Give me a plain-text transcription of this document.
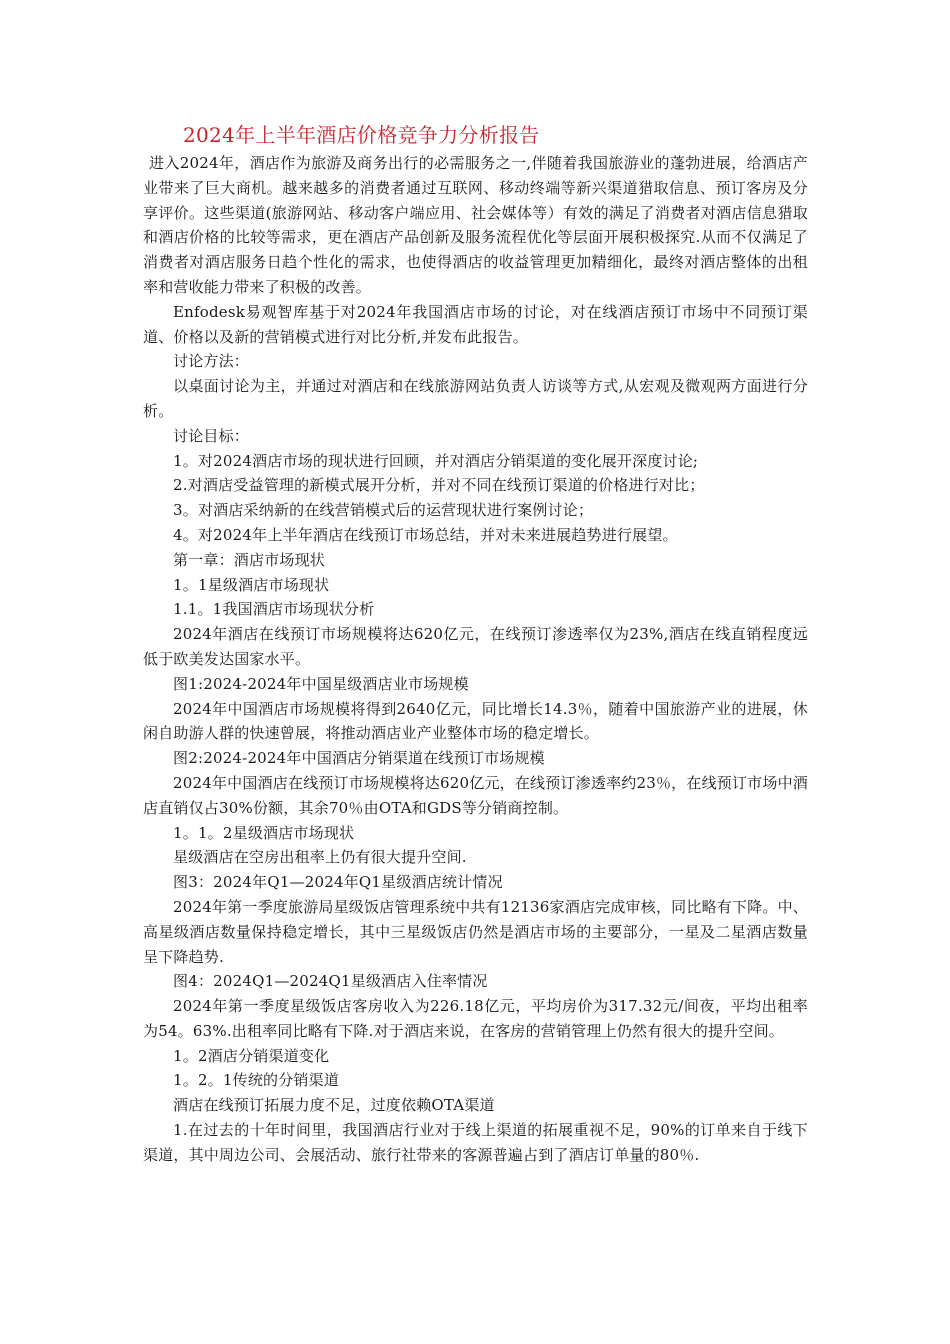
2024年上半年酒店价格竞争力分析报告

进入2024年，酒店作为旅游及商务出行的必需服务之一,伴随着我国旅游业的蓬勃进展，给酒店产业带来了巨大商机。越来越多的消费者通过互联网、移动终端等新兴渠道猎取信息、预订客房及分享评价。这些渠道(旅游网站、移动客户端应用、社会媒体等）有效的满足了消费者对酒店信息猎取和酒店价格的比较等需求，更在酒店产品创新及服务流程优化等层面开展积极探究.从而不仅满足了消费者对酒店服务日趋个性化的需求，也使得酒店的收益管理更加精细化，最终对酒店整体的出租率和营收能力带来了积极的改善。

Enfodesk易观智库基于对2024年我国酒店市场的讨论，对在线酒店预订市场中不同预订渠道、价格以及新的营销模式进行对比分析,并发布此报告。

讨论方法：

以桌面讨论为主，并通过对酒店和在线旅游网站负责人访谈等方式,从宏观及微观两方面进行分析。

讨论目标：

1。对2024酒店市场的现状进行回顾，并对酒店分销渠道的变化展开深度讨论;

2.对酒店受益管理的新模式展开分析，并对不同在线预订渠道的价格进行对比；

3。对酒店采纳新的在线营销模式后的运营现状进行案例讨论；

4。对2024年上半年酒店在线预订市场总结，并对未来进展趋势进行展望。

第一章：酒店市场现状

1。1星级酒店市场现状

1.1。1我国酒店市场现状分析

2024年酒店在线预订市场规模将达620亿元，在线预订渗透率仅为23%,酒店在线直销程度远低于欧美发达国家水平。

图1:2024-2024年中国星级酒店业市场规模

2024年中国酒店市场规模将得到2640亿元，同比增长14.3％，随着中国旅游产业的进展，休闲自助游人群的快速曾展，将推动酒店业产业整体市场的稳定增长。

图2:2024-2024年中国酒店分销渠道在线预订市场规模

2024年中国酒店在线预订市场规模将达620亿元，在线预订渗透率约23％，在线预订市场中酒店直销仅占30%份额，其余70％由OTA和GDS等分销商控制。

1。1。2星级酒店市场现状

星级酒店在空房出租率上仍有很大提升空间.

图3：2024年Q1—2024年Q1星级酒店统计情况

2024年第一季度旅游局星级饭店管理系统中共有12136家酒店完成审核，同比略有下降。中、高星级酒店数量保持稳定增长，其中三星级饭店仍然是酒店市场的主要部分，一星及二星酒店数量呈下降趋势.

图4：2024Q1—2024Q1星级酒店入住率情况

2024年第一季度星级饭店客房收入为226.18亿元，平均房价为317.32元/间夜，平均出租率为54。63%.出租率同比略有下降.对于酒店来说，在客房的营销管理上仍然有很大的提升空间。

1。2酒店分销渠道变化

1。2。1传统的分销渠道

酒店在线预订拓展力度不足，过度依赖OTA渠道

1.在过去的十年时间里，我国酒店行业对于线上渠道的拓展重视不足，90%的订单来自于线下渠道，其中周边公司、会展活动、旅行社带来的客源普遍占到了酒店订单量的80％.
